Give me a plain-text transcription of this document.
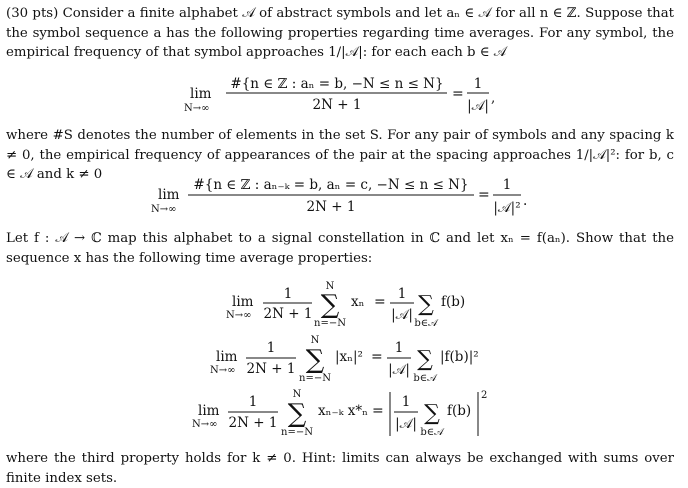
(30 pts) Consider a finite alphabet 𝒜 of abstract symbols and let aₙ ∈ 𝒜 for all n ∈ ℤ. Suppose that the symbol sequence a has the following properties regarding time averages. For any symbol, the empirical frequency of that symbol approaches 1/|𝒜|: for each each b ∈ 𝒜
lim
N→∞
#{n ∈ ℤ : aₙ = b, −N ≤ n ≤ N}
2N + 1
=
1
|𝒜| ,
where #S denotes the number of elements in the set S. For any pair of symbols and any spacing k ≠ 0, the empirical frequency of appearances of the pair at the spacing approaches 1/|𝒜|²: for b, c ∈ 𝒜 and k ≠ 0
lim
N→∞
#{n ∈ ℤ : aₙ₋ₖ = b, aₙ = c, −N ≤ n ≤ N}
2N + 1
=
1
|𝒜|² .
Let f : 𝒜 → ℂ map this alphabet to a signal constellation in ℂ and let xₙ = f(aₙ). Show that the sequence x has the following time average properties:
lim
N→∞
1
2N + 1
N
∑
n=−N
xₙ = 1
|𝒜| ∑
b∈𝒜
f(b)
lim
N→∞
1
2N + 1
N
∑
n=−N
|xₙ|² =
1
|𝒜| ∑
b∈𝒜
|f(b)|²
lim
N→∞
1
2N + 1
N
∑
n=−N
xₙ₋ₖ x*ₙ =
1
|𝒜| ∑
b∈𝒜
f(b)
2
where the third property holds for k ≠ 0. Hint: limits can always be exchanged with sums over finite index sets.
